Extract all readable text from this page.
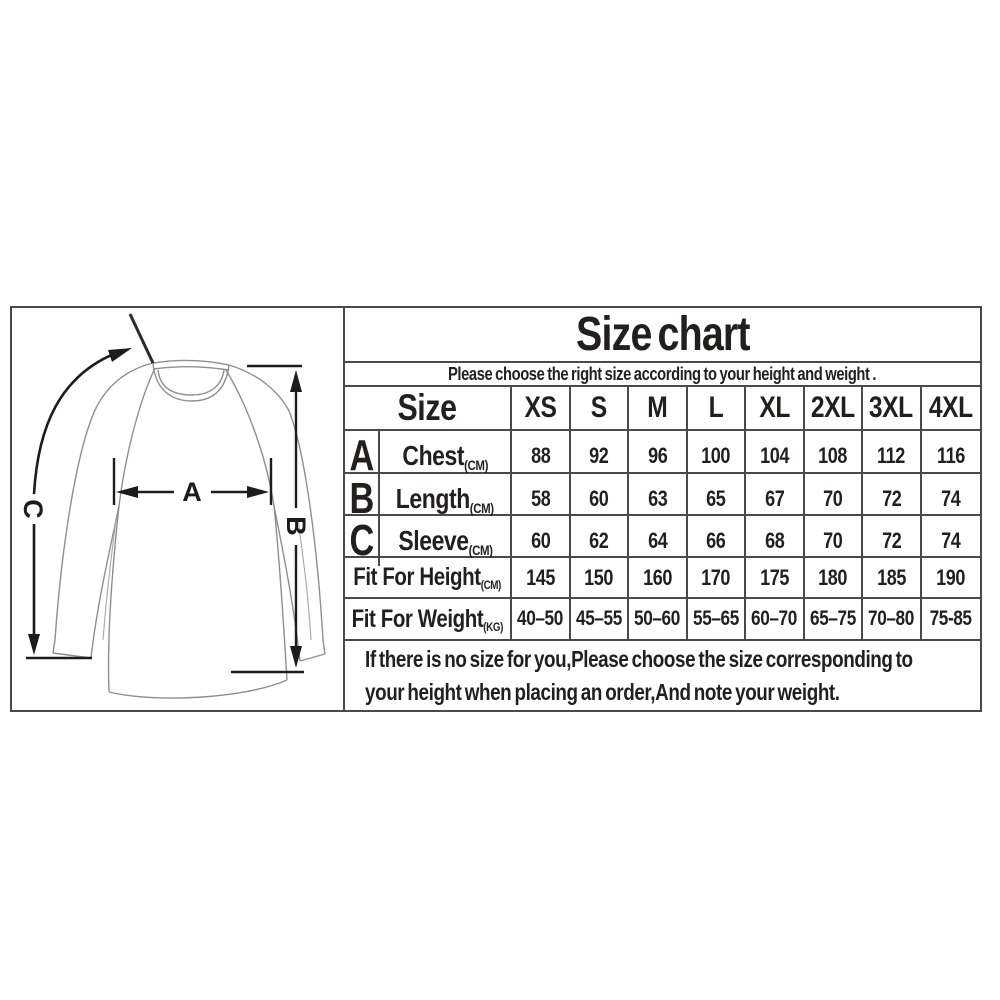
A
B
C
Size chart
Please choose the right size according to your height and weight .
Size XS S M L XL 2XL 3XL 4XL
A Chest(CM) 88 92 96 100 104 108 112 116
B Length(CM) 58 60 63 65 67 70 72 74
C Sleeve(CM) 60 62 64 66 68 70 72 74
Fit For Height$_{(CM)}$ 145 150 160 170 175 180 185 190
Fit For Weight$_{(KG)}$ 40–50 45–55 50–60 55–65 60–70 65–75 70–80 75-85
If there is no size for you,Please choose the size corresponding to
your height when placing an order,And note your weight.
